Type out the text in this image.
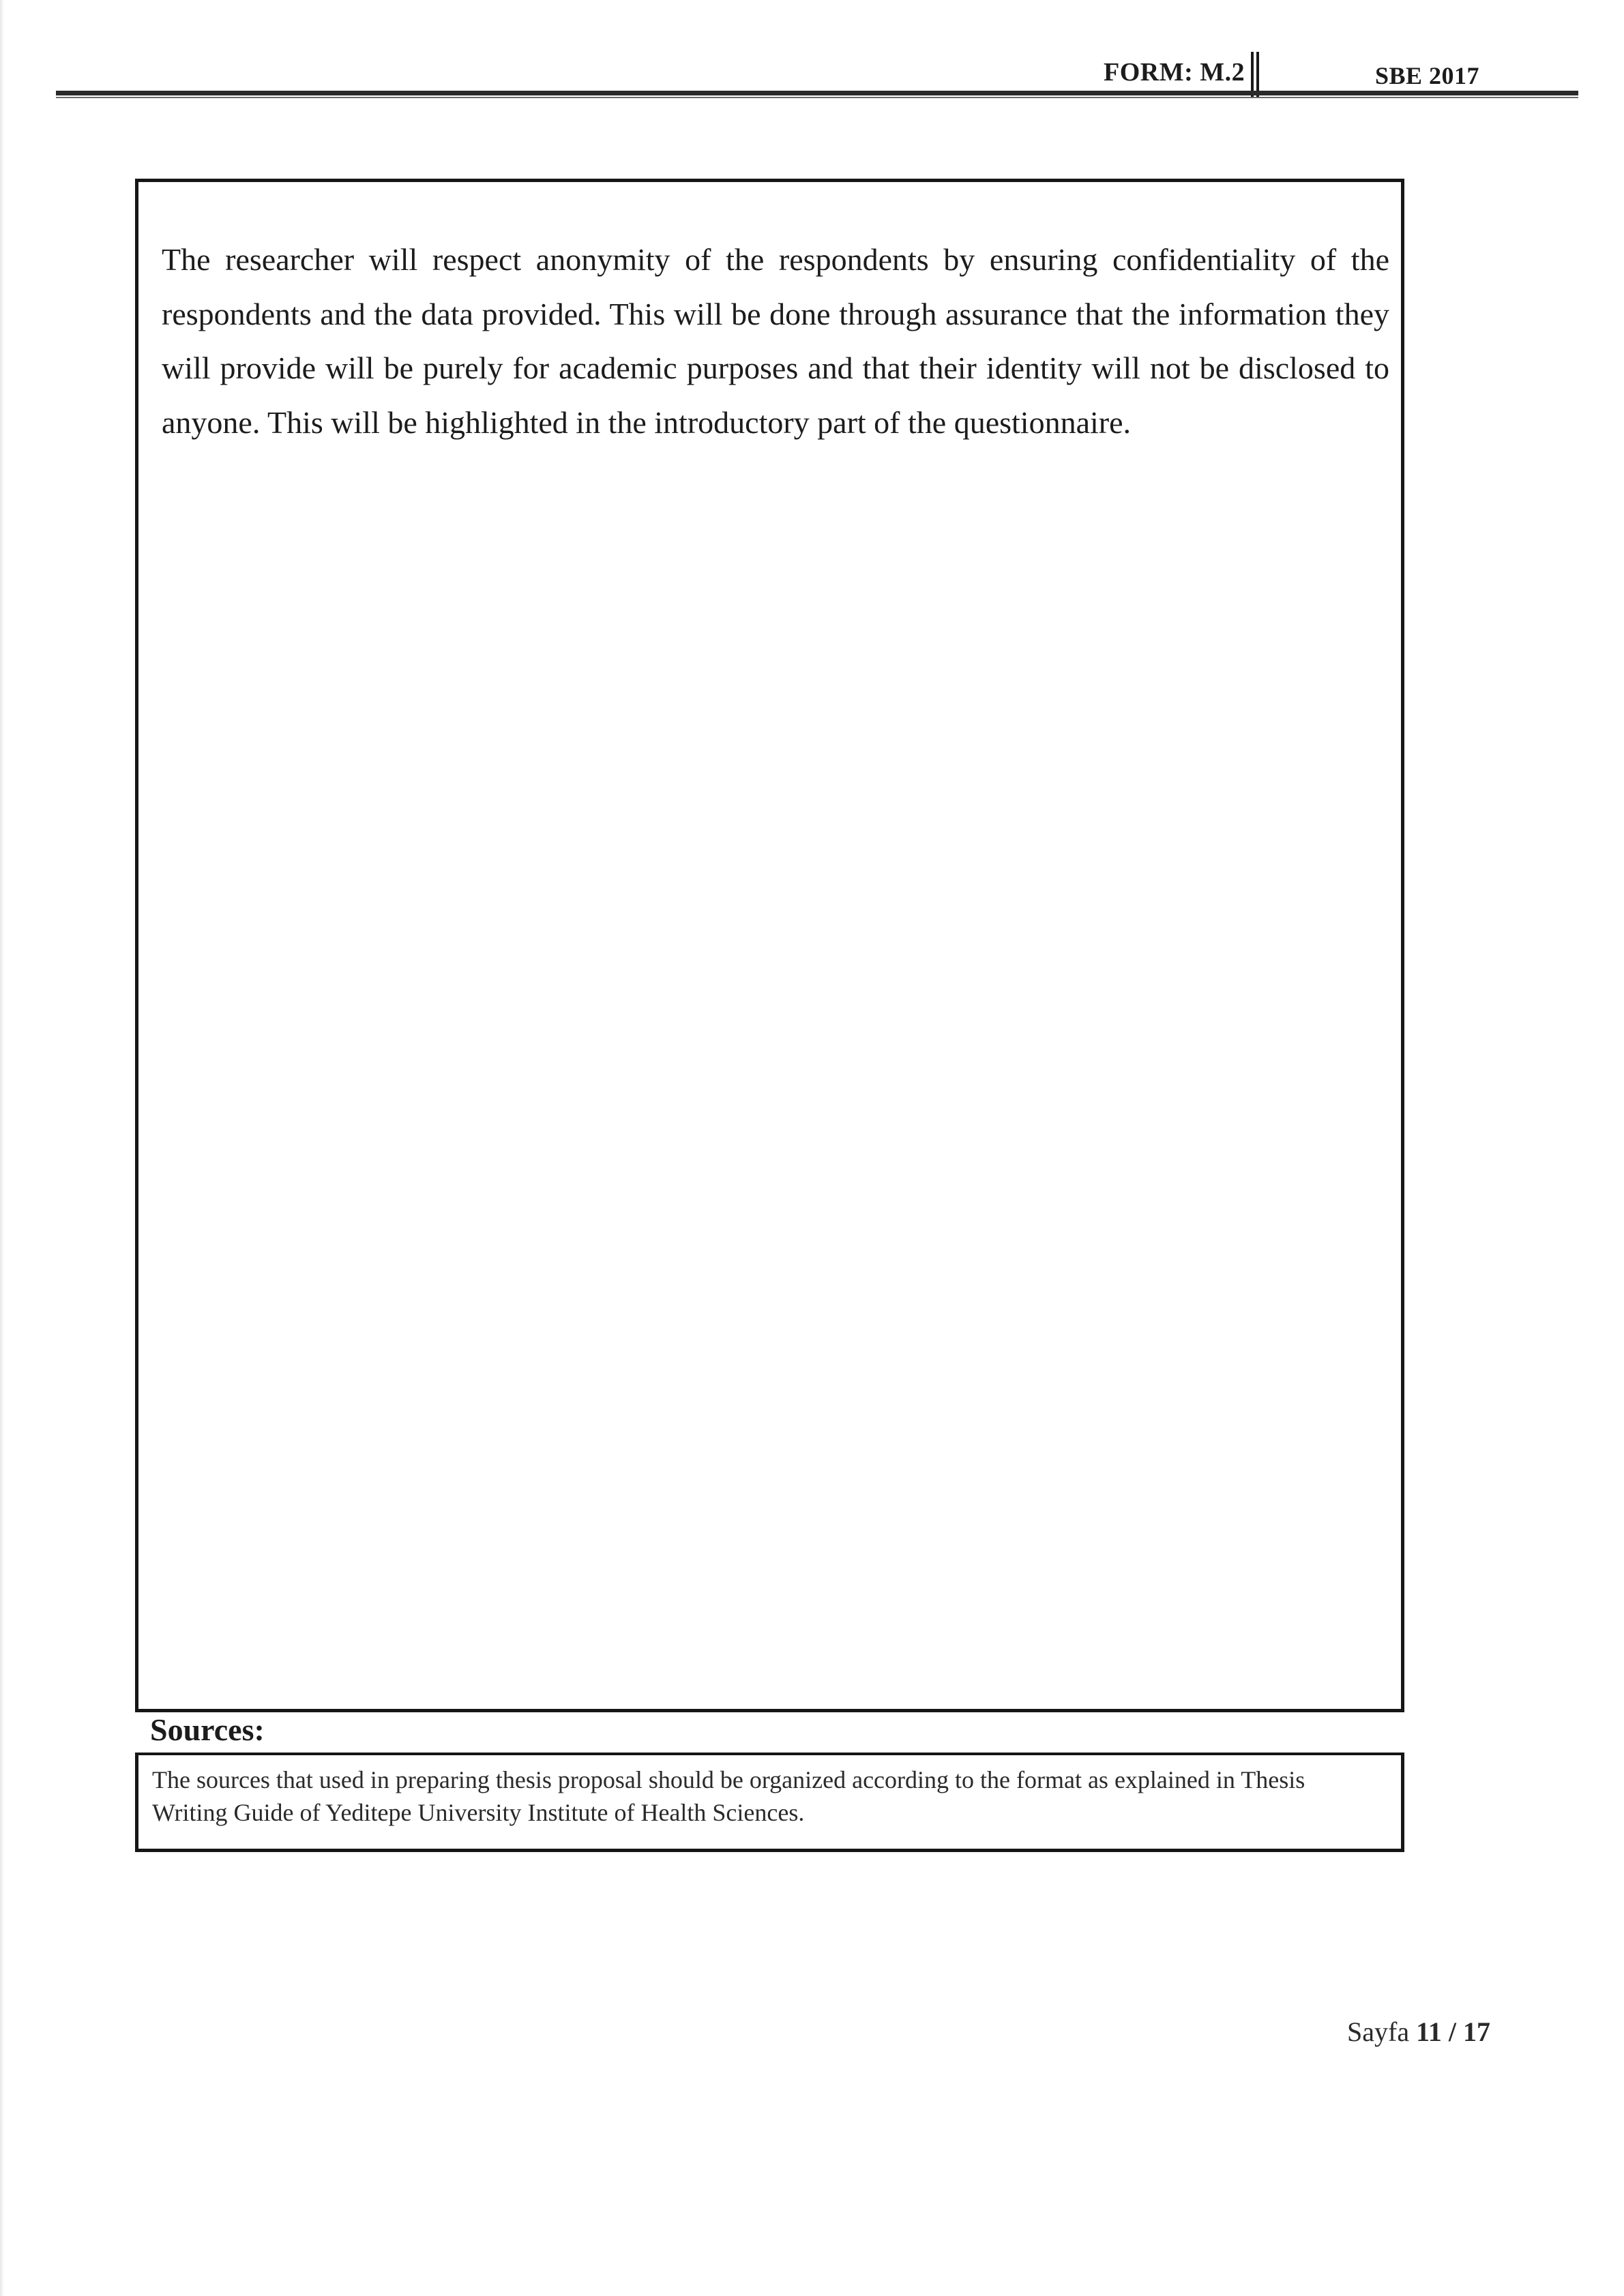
FORM: M.2	SBE 2017
The researcher will respect anonymity of the respondents by ensuring confidentiality of the respondents and the data provided. This will be done through assurance that the information they will provide will be purely for academic purposes and that their identity will not be disclosed to anyone. This will be highlighted in the introductory part of the questionnaire.
Sources:
The sources that used in preparing thesis proposal should be organized according to the format as explained in Thesis Writing Guide of Yeditepe University Institute of Health Sciences.
Sayfa 11 / 17
